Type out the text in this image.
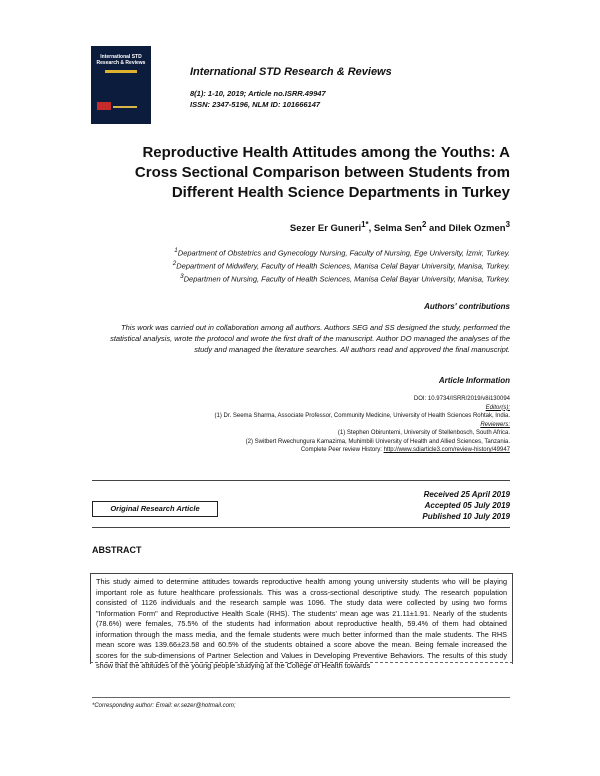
International STD
Research & Reviews
International STD Research & Reviews
8(1): 1-10, 2019; Article no.ISRR.49947
ISSN: 2347-5196, NLM ID: 101666147
Reproductive Health Attitudes among the Youths: A
Cross Sectional Comparison between Students from
Different Health Science Departments in Turkey
Sezer Er Guneri$^{1*}$, Selma Sen$^2$ and Dilek Ozmen$^3$

$^1$Department of Obstetrics and Gynecology Nursing, Faculty of Nursing, Ege University, İzmir, Turkey.

$^2$Department of Midwifery, Faculty of Health Sciences, Manisa Celal Bayar University, Manisa, Turkey.

$^3$Departmen of Nursing, Faculty of Health Sciences, Manisa Celal Bayar University, Manisa, Turkey.

Authors' contributions
This work was carried out in collaboration among all authors. Authors SEG and SS designed the study, performed the statistical analysis, wrote the protocol and wrote the first draft of the manuscript. Author DO managed the analyses of the study and managed the literature searches. All authors read and approved the final manuscript.
Article Information

DOI: 10.9734/ISRR/2019/v8i130094

Editor(s):

(1) Dr. Seema Sharma, Associate Professor, Community Medicine, University of Health Sciences Rohtak, India.

Reviewers:

(1) Stephen Obiruntemi, University of Stellenbosch, South Africa.

(2) Switbert Rwechungura Kamazima, Muhimbili University of Health and Allied Sciences, Tanzania.

Complete Peer review History: http://www.sdiarticle3.com/review-history/49947

Original Research Article
Received 25 April 2019
Accepted 05 July 2019
Published 10 July 2019
ABSTRACT

This study aimed to determine attitudes towards reproductive health among young university students who will be playing important role as future healthcare professionals. This was a cross-sectional descriptive study. The research population consisted of 1126 individuals and the research sample was 1096. The study data were collected by using two forms "Information Form" and Reproductive Health Scale (RHS). The students' mean age was 21.11±1.91. Nearly of the students (78.6%) were females, 75.5% of the students had information about reproductive health, 59.4% of them had obtained information through the mass media, and the female students were much better informed than the male students. The RHS mean score was 139.66±23.58 and 60.5% of the students obtained a score above the mean. Being female increased the scores for the sub-dimensions of Partner Selection and Values in Developing Preventive Behaviors. The results of this study show that the attitudes of the young people studying at the College of Health towards

*Corresponding author: Email: er.sezer@hotmail.com;
